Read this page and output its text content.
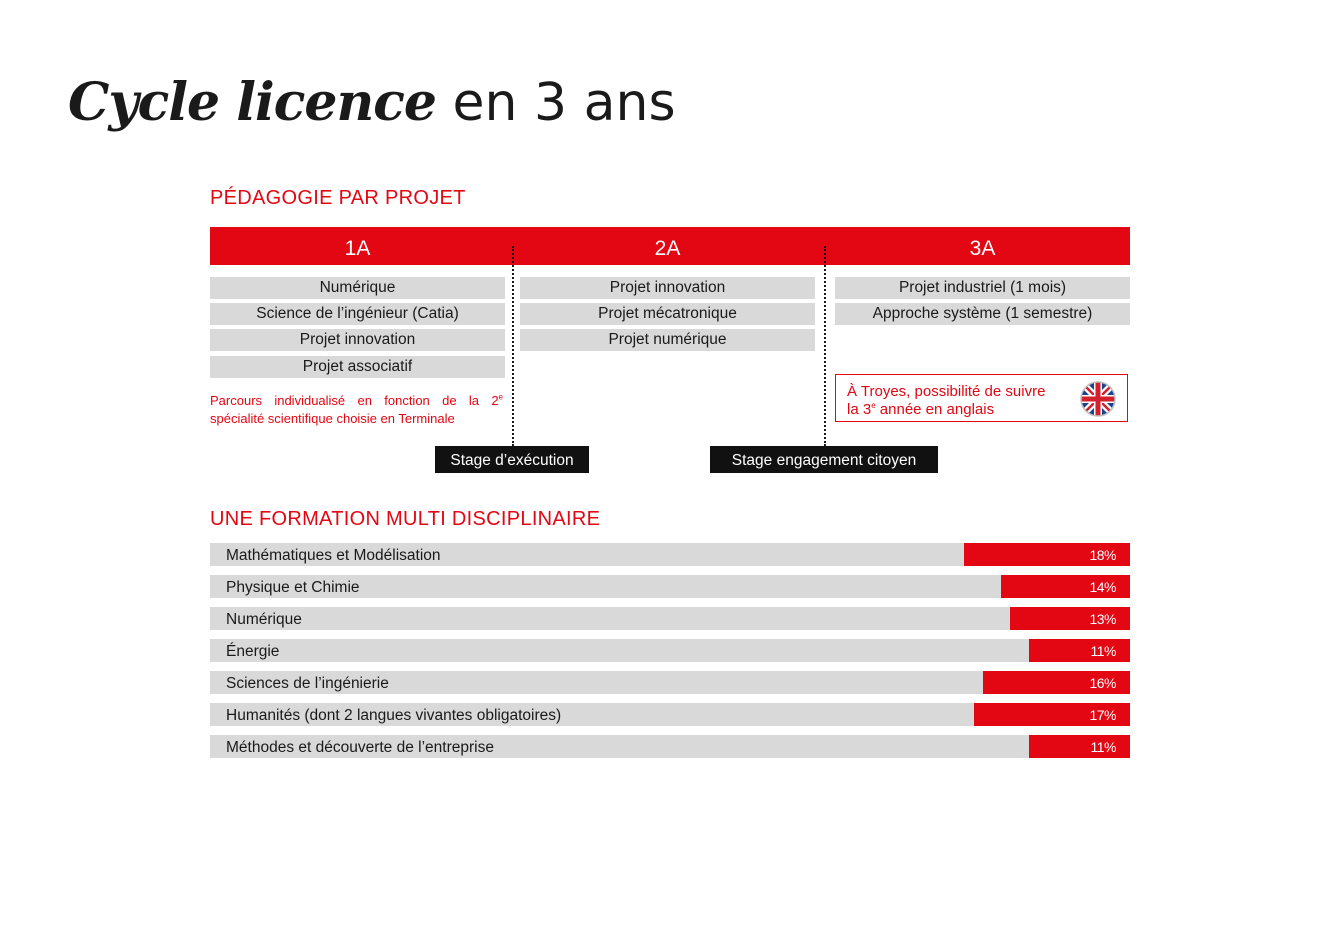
Cycle licence en 3 ans
PÉDAGOGIE PAR PROJET
1A	2A	3A
Numérique
Science de l’ingénieur (Catia)
Projet innovation
Projet associatif
Projet innovation
Projet mécatronique
Projet numérique
Projet industriel (1 mois)
Approche système (1 semestre)
Parcours individualisé en fonction de la 2e
spécialité scientifique choisie en Terminale
À Troyes, possibilité de suivre
la 3e année en anglais
Stage d’exécution	Stage engagement citoyen
UNE FORMATION MULTI DISCIPLINAIRE
Mathématiques et Modélisation	18%
Physique et Chimie	14%
Numérique	13%
Énergie	11%
Sciences de l’ingénierie	16%
Humanités (dont 2 langues vivantes obligatoires)	17%
Méthodes et découverte de l’entreprise	11%
